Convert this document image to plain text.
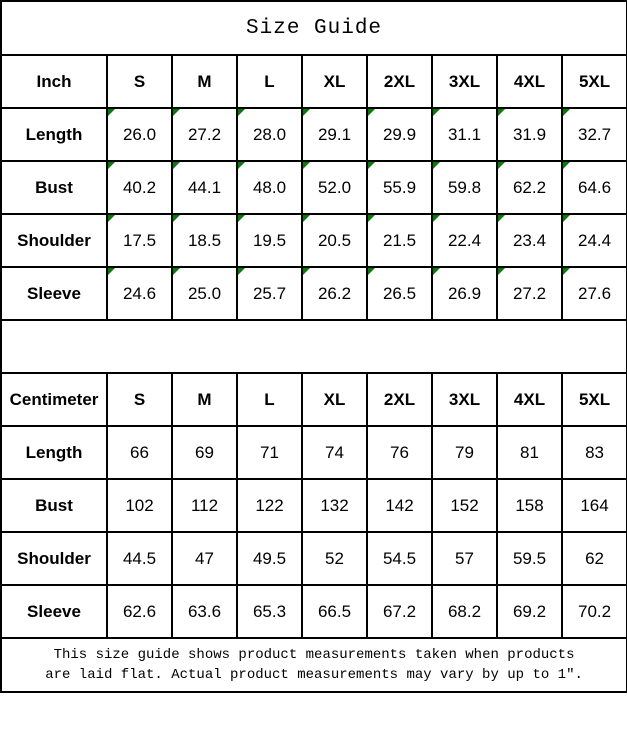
Size Guide								
Inch	S	M	L	XL	2XL	3XL	4XL	5XL
Length	26.0	27.2	28.0	29.1	29.9	31.1	31.9	32.7
Bust	40.2	44.1	48.0	52.0	55.9	59.8	62.2	64.6
Shoulder	17.5	18.5	19.5	20.5	21.5	22.4	23.4	24.4
Sleeve	24.6	25.0	25.7	26.2	26.5	26.9	27.2	27.6

Centimeter	S	M	L	XL	2XL	3XL	4XL	5XL
Length	66	69	71	74	76	79	81	83
Bust	102	112	122	132	142	152	158	164
Shoulder	44.5	47	49.5	52	54.5	57	59.5	62
Sleeve	62.6	63.6	65.3	66.5	67.2	68.2	69.2	70.2

This size guide shows product measurements taken when products
are laid flat. Actual product measurements may vary by up to 1″.								
